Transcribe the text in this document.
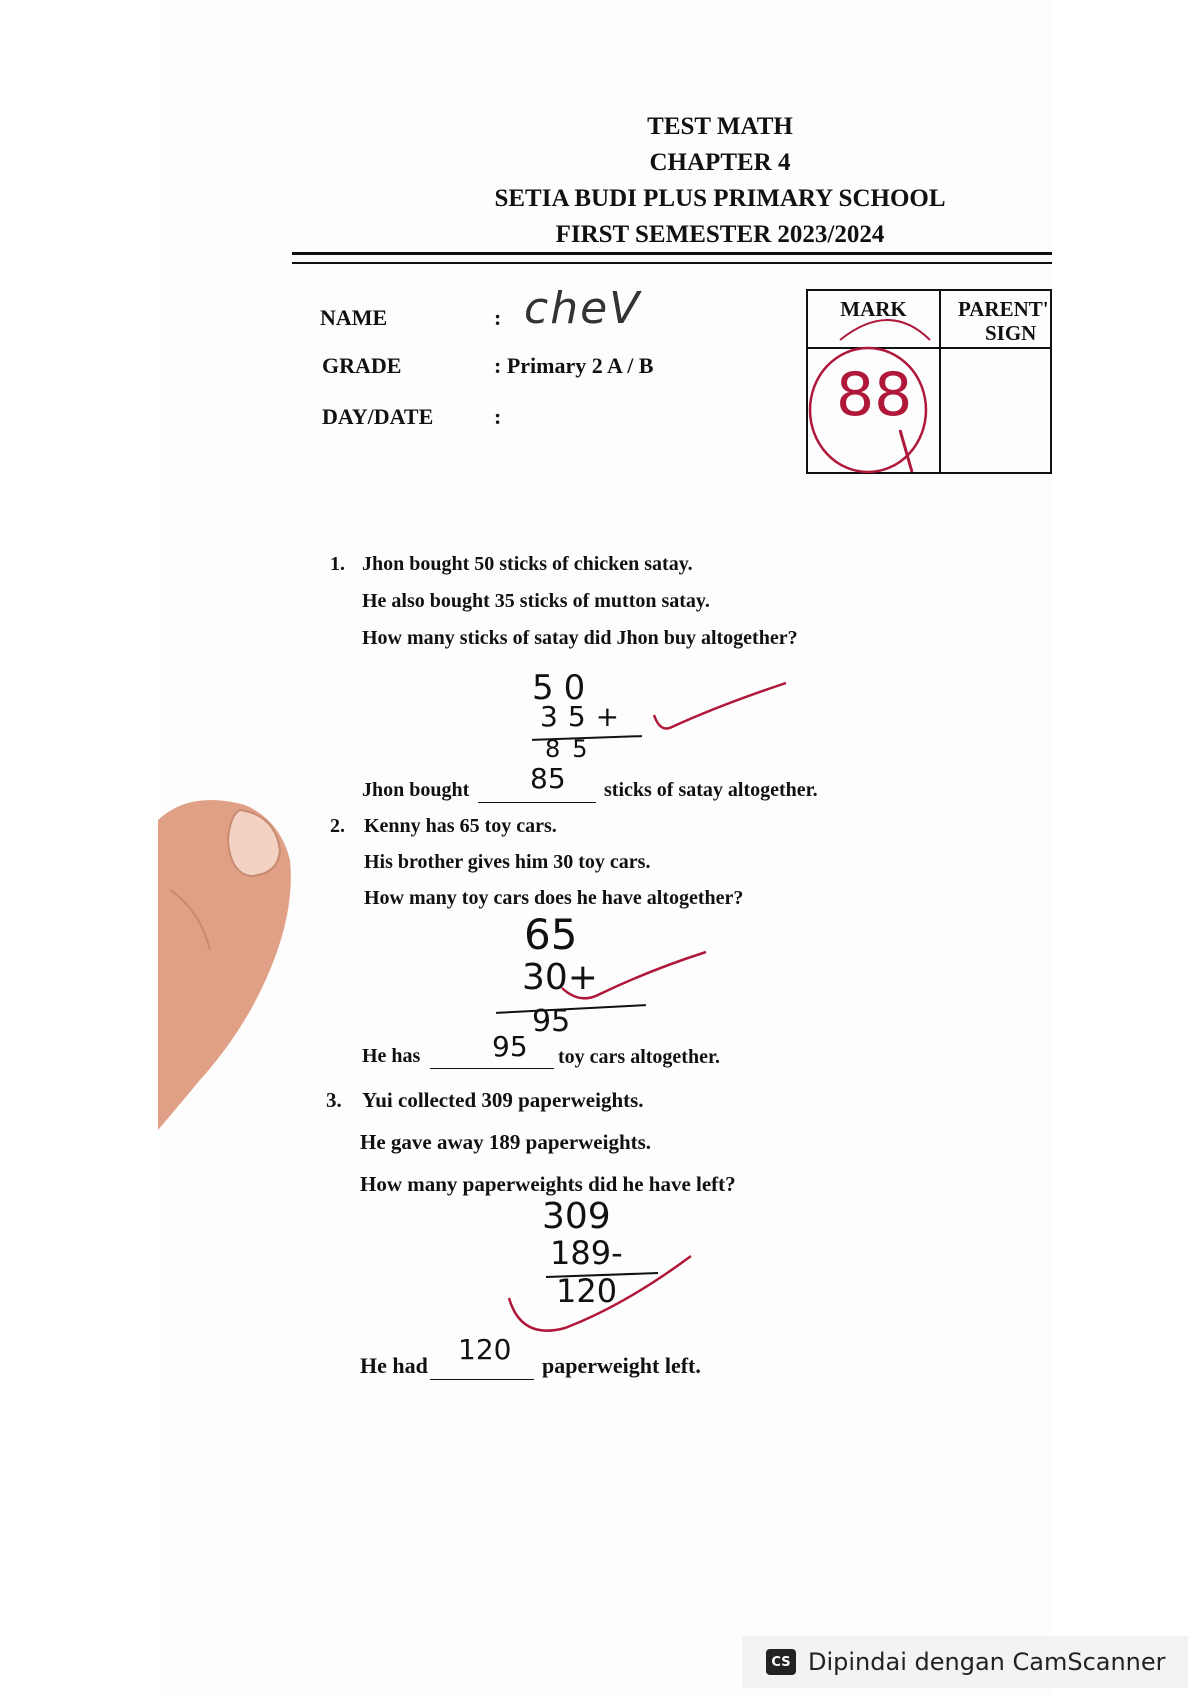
TEST MATH
CHAPTER 4
SETIA BUDI PLUS PRIMARY SCHOOL
FIRST SEMESTER 2023/2024
NAME	: cheV
GRADE	: Primary 2 A / B
DAY/DATE	:
MARK	PARENT'
SIGN
88
1. Jhon bought 50 sticks of chicken satay.
He also bought 35 sticks of mutton satay.
How many sticks of satay did Jhon buy altogether?
50
35+
85
Jhon bought 85 sticks of satay altogether.
2. Kenny has 65 toy cars.
His brother gives him 30 toy cars.
How many toy cars does he have altogether?
65
30+
95
He has	95 toy cars altogether.
3. Yui collected 309 paperweights.
He gave away 189 paperweights.
How many paperweights did he have left?
309
189-
120
He had 120 paperweight left.
CS Dipindai dengan CamScanner
